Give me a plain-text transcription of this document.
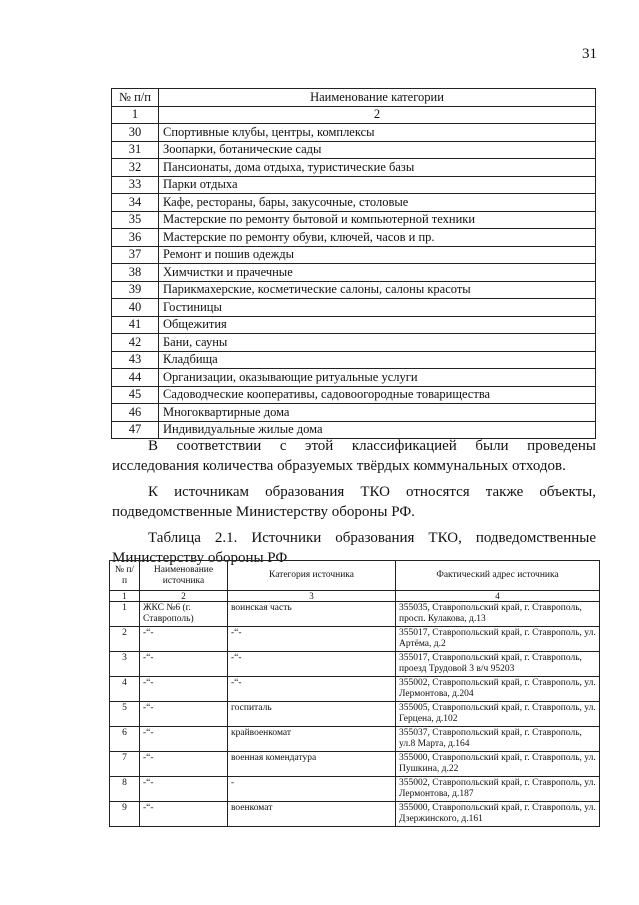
31
№ п/п	Наименование категории
1	2
30	Спортивные клубы, центры, комплексы
31	Зоопарки, ботанические сады
32	Пансионаты, дома отдыха, туристические базы
33	Парки отдыха
34	Кафе, рестораны, бары, закусочные, столовые
35	Мастерские по ремонту бытовой и компьютерной техники
36	Мастерские по ремонту обуви, ключей, часов и пр.
37	Ремонт и пошив одежды
38	Химчистки и прачечные
39	Парикмахерские, косметические салоны, салоны красоты
40	Гостиницы
41	Общежития
42	Бани, сауны
43	Кладбища
44	Организации, оказывающие ритуальные услуги
45	Садоводческие кооперативы, садовоогородные товарищества
46	Многоквартирные дома
47	Индивидуальные жилые дома
В соответствии с этой классификацией были проведены исследования количества образуемых твёрдых коммунальных отходов.
К источникам образования ТКО относятся также объекты, подведомственные Министерству обороны РФ.
Таблица 2.1. Источники образования ТКО, подведомственные Министерству обороны РФ
№ п/п	Наименование источника	Категория источника	Фактический адрес источника
1	2	3	4
1	ЖКС №6 (г. Ставрополь)	воинская часть	355035, Ставропольский край, г. Ставрополь, просп. Кулакова, д.13
2	-“-	-“-	355017, Ставропольский край, г. Ставрополь, ул. Артёма, д.2
3	-“-	-“-	355017, Ставропольский край, г. Ставрополь, проезд Трудовой 3 в/ч 95203
4	-“-	-“-	355002, Ставропольский край, г. Ставрополь, ул. Лермонтова, д.204
5	-“-	госпиталь	355005, Ставропольский край, г. Ставрополь, ул. Герцена, д.102
6	-“-	крайвоенкомат	355037, Ставропольский край, г. Ставрополь, ул.8 Марта, д.164
7	-“-	военная комендатура	355000, Ставропольский край, г. Ставрополь, ул. Пушкина, д.22
8	-“-	-	355002, Ставропольский край, г. Ставрополь, ул. Лермонтова, д.187
9	-“-	военкомат	355000, Ставропольский край, г. Ставрополь, ул. Дзержинского, д.161
